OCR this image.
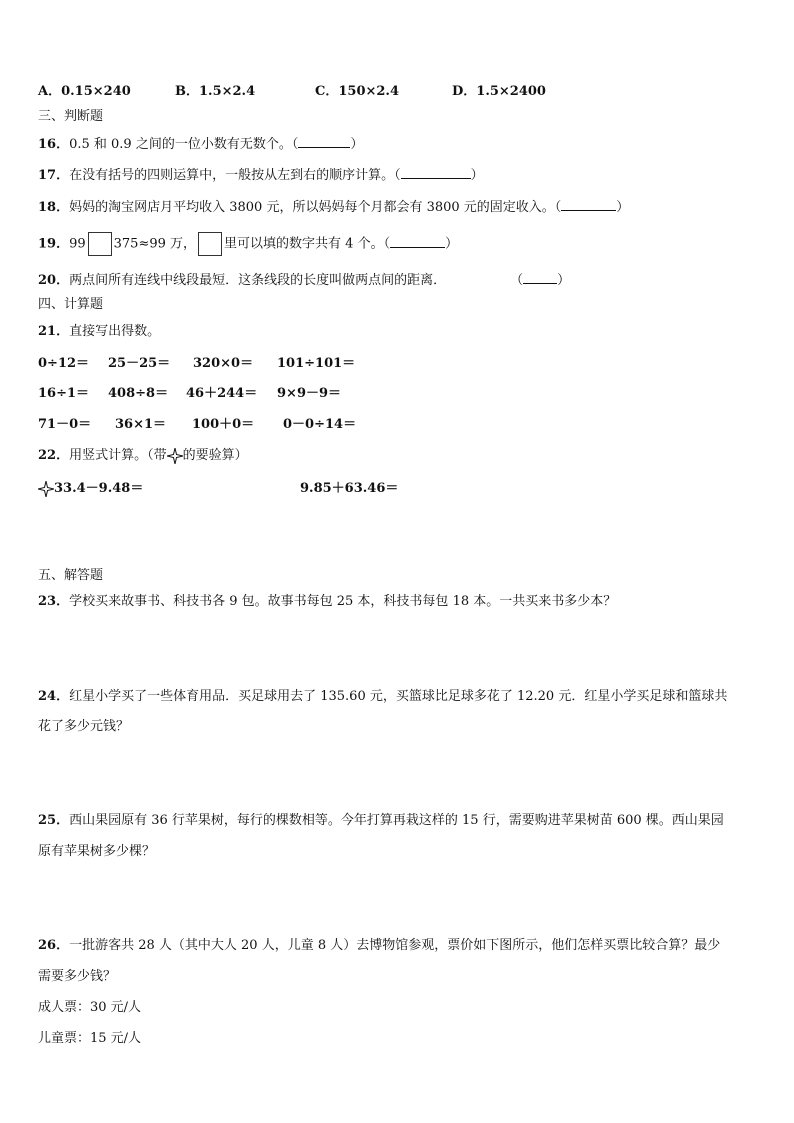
A．0.15×240	B．1.5×2.4	C．150×2.4	D．1.5×2400
三、判断题
16．0.5 和 0.9 之间的一位小数有无数个。（	）
17．在没有括号的四则运算中，一般按从左到右的顺序计算。（	）
18．妈妈的淘宝网店月平均收入 3800 元，所以妈妈每个月都会有 3800 元的固定收入。（	）
19．99 375≈99 万， 里可以填的数字共有 4 个。（	）
20．两点间所有连线中线段最短．这条线段的长度叫做两点间的距离．	（	）
四、计算题
21．直接写出得数。
0÷12＝ 25－25＝ 320×0＝ 101÷101＝
16÷1＝ 408÷8＝ 46＋244＝ 9×9－9＝
71－0＝ 36×1＝ 100＋0＝ 0－0÷14＝
22．用竖式计算。（带 的要验算）
33.4－9.48＝	9.85＋63.46＝
五、解答题
23．学校买来故事书、科技书各 9 包。故事书每包 25 本，科技书每包 18 本。一共买来书多少本？
24．红星小学买了一些体育用品．买足球用去了 135.60 元，买篮球比足球多花了 12.20 元．红星小学买足球和篮球共
花了多少元钱？
25．西山果园原有 36 行苹果树，每行的棵数相等。今年打算再栽这样的 15 行，需要购进苹果树苗 600 棵。西山果园
原有苹果树多少棵？
26．一批游客共 28 人（其中大人 20 人，儿童 8 人）去博物馆参观，票价如下图所示，他们怎样买票比较合算？最少
需要多少钱？
成人票：30 元/人
儿童票：15 元/人
